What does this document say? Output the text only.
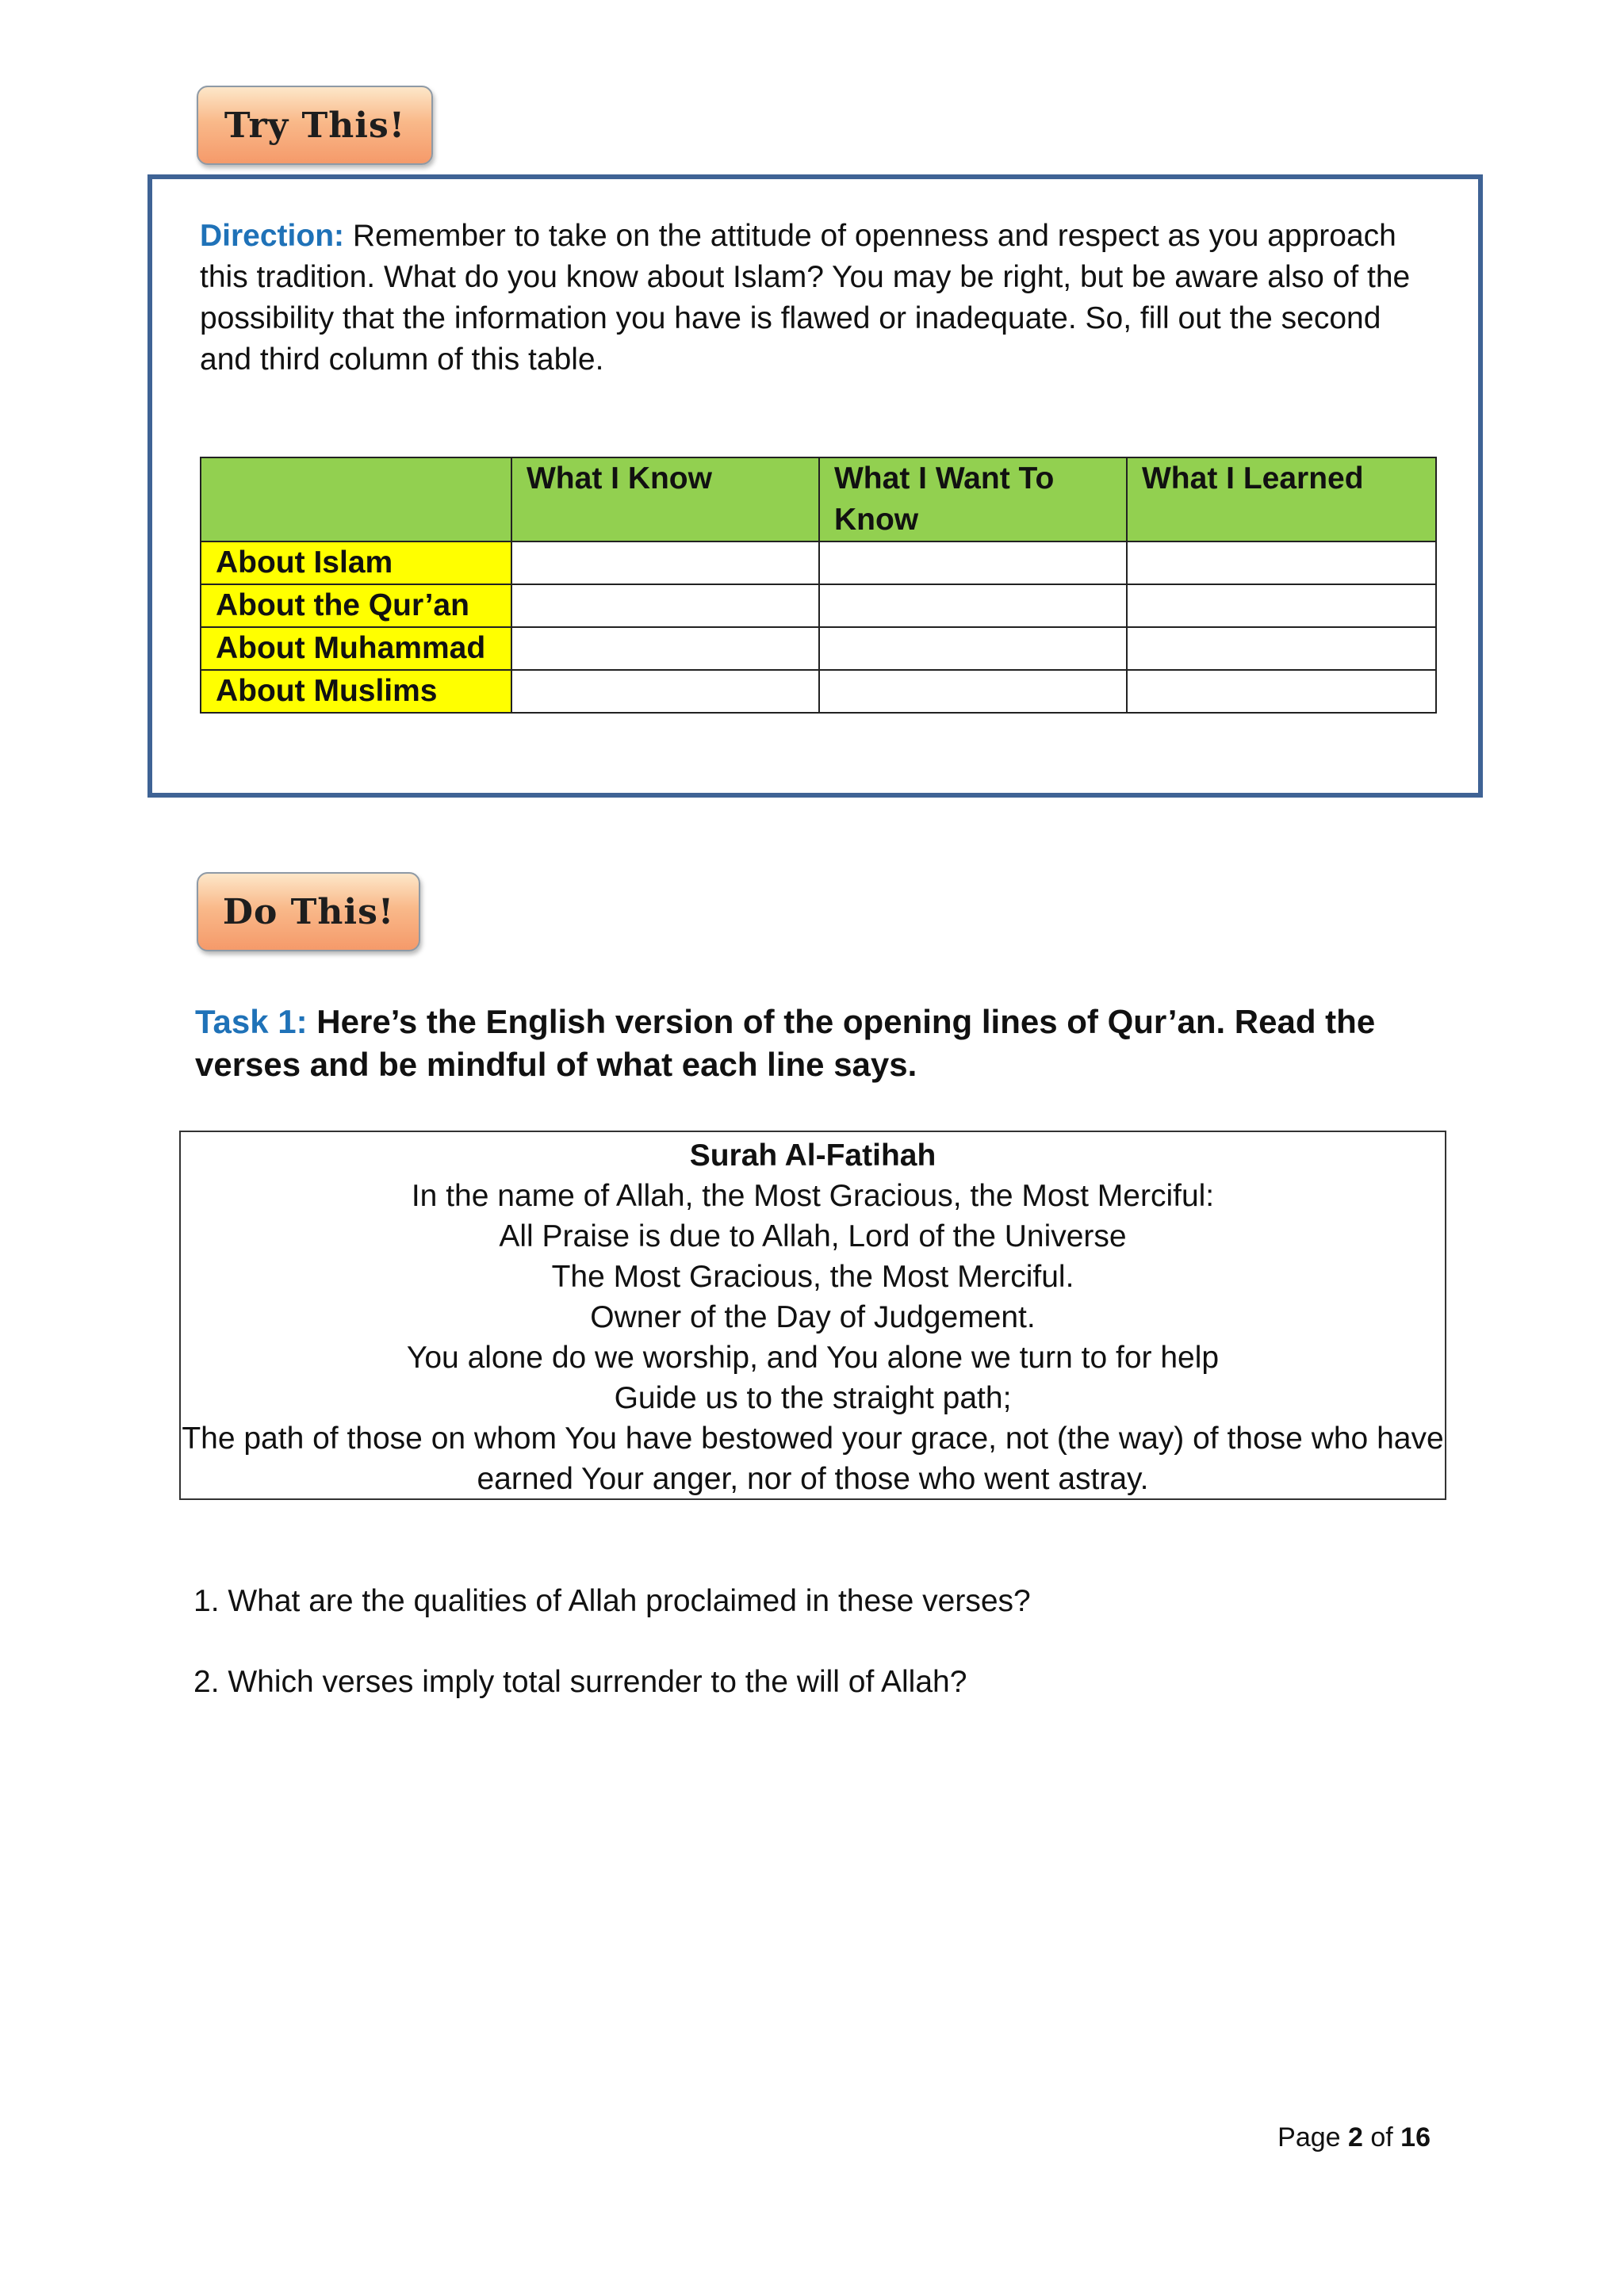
Try This!

Direction: Remember to take on the attitude of openness and respect as you approach this tradition. What do you know about Islam? You may be right, but be aware also of the possibility that the information you have is flawed or inadequate. So, fill out the second and third column of this table.

	What I Know	What I Want To Know	What I Learned
About Islam			
About the Qur’an			
About Muhammad			
About Muslims			
Do This!

Task 1: Here’s the English version of the opening lines of Qur’an. Read the verses and be mindful of what each line says.

Surah Al-Fatihah
In the name of Allah, the Most Gracious, the Most Merciful:
All Praise is due to Allah, Lord of the Universe
The Most Gracious, the Most Merciful.
Owner of the Day of Judgement.
You alone do we worship, and You alone we turn to for help
Guide us to the straight path;
The path of those on whom You have bestowed your grace, not (the way) of those who have earned Your anger, nor of those who went astray.

1. What are the qualities of Allah proclaimed in these verses?

2. Which verses imply total surrender to the will of Allah?

Page 2 of 16
